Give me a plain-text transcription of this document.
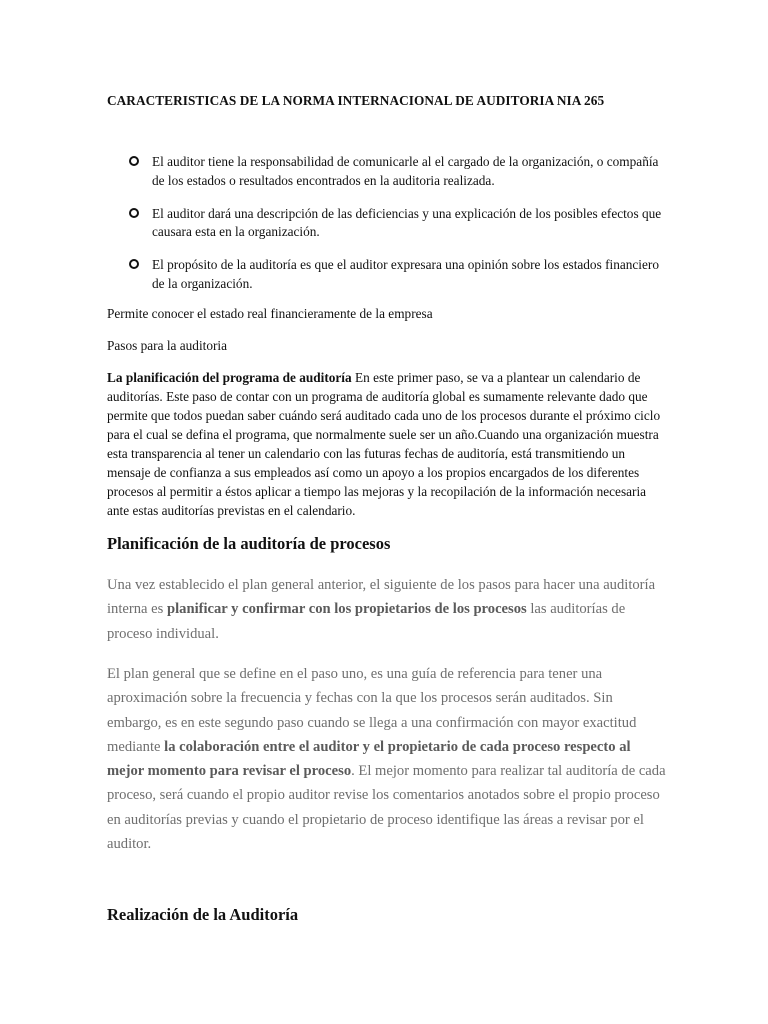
CARACTERISTICAS DE LA NORMA INTERNACIONAL DE AUDITORIA NIA 265
El auditor tiene la responsabilidad de comunicarle al el cargado de la organización, o compañía de los estados o resultados encontrados en la auditoria realizada.
El auditor dará una descripción de las deficiencias y una explicación de los posibles efectos que causara esta en la organización.
El propósito de la auditoría es que el auditor expresara una opinión sobre los estados financiero de la organización.
Permite conocer el estado real financieramente de la empresa
Pasos para la auditoria
La planificación del programa de auditoría En este primer paso, se va a plantear un calendario de auditorías. Este paso de contar con un programa de auditoría global es sumamente relevante dado que permite que todos puedan saber cuándo será auditado cada uno de los procesos durante el próximo ciclo para el cual se defina el programa, que normalmente suele ser un año.Cuando una organización muestra esta transparencia al tener un calendario con las futuras fechas de auditoría, está transmitiendo un mensaje de confianza a sus empleados así como un apoyo a los propios encargados de los diferentes procesos al permitir a éstos aplicar a tiempo las mejoras y la recopilación de la información necesaria ante estas auditorías previstas en el calendario.
Planificación de la auditoría de procesos
Una vez establecido el plan general anterior, el siguiente de los pasos para hacer una auditoría interna es planificar y confirmar con los propietarios de los procesos las auditorías de proceso individual.
El plan general que se define en el paso uno, es una guía de referencia para tener una aproximación sobre la frecuencia y fechas con la que los procesos serán auditados. Sin embargo, es en este segundo paso cuando se llega a una confirmación con mayor exactitud mediante la colaboración entre el auditor y el propietario de cada proceso respecto al mejor momento para revisar el proceso. El mejor momento para realizar tal auditoría de cada proceso, será cuando el propio auditor revise los comentarios anotados sobre el propio proceso en auditorías previas y cuando el propietario de proceso identifique las áreas a revisar por el auditor.
Realización de la Auditoría
